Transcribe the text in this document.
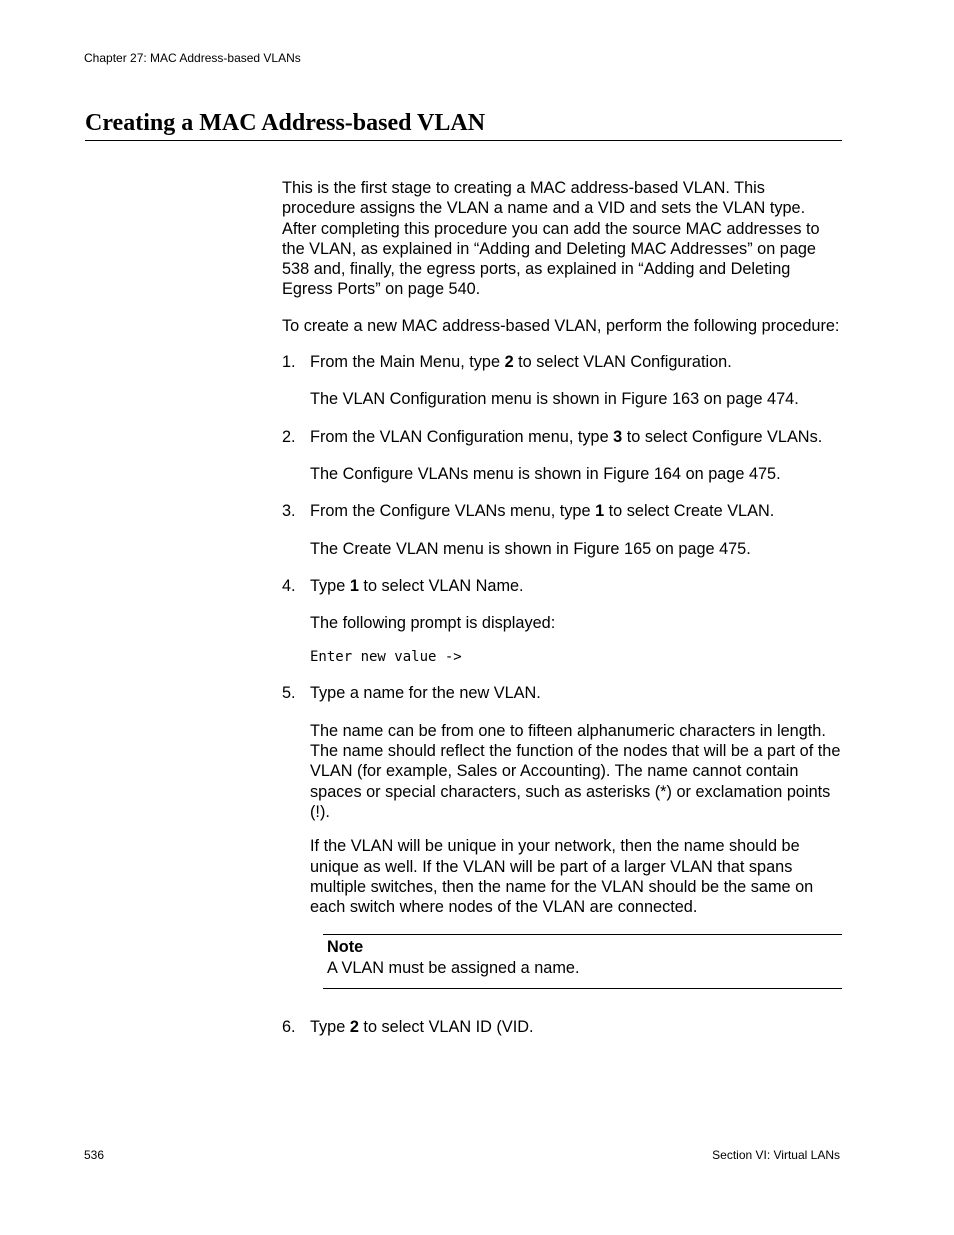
Chapter 27: MAC Address-based VLANs
Creating a MAC Address-based VLAN

This is the first stage to creating a MAC address-based VLAN. This procedure assigns the VLAN a name and a VID and sets the VLAN type. After completing this procedure you can add the source MAC addresses to the VLAN, as explained in “Adding and Deleting MAC Addresses” on page 538 and, finally, the egress ports, as explained in “Adding and Deleting Egress Ports” on page 540.

To create a new MAC address-based VLAN, perform the following procedure:

1. From the Main Menu, type 2 to select VLAN Configuration.
The VLAN Configuration menu is shown in Figure 163 on page 474.
2. From the VLAN Configuration menu, type 3 to select Configure VLANs.
The Configure VLANs menu is shown in Figure 164 on page 475.
3. From the Configure VLANs menu, type 1 to select Create VLAN.
The Create VLAN menu is shown in Figure 165 on page 475.
4. Type 1 to select VLAN Name.
The following prompt is displayed:
Enter new value ->
5. Type a name for the new VLAN.
The name can be from one to fifteen alphanumeric characters in length. The name should reflect the function of the nodes that will be a part of the VLAN (for example, Sales or Accounting). The name cannot contain spaces or special characters, such as asterisks (*) or exclamation points (!).
If the VLAN will be unique in your network, then the name should be unique as well. If the VLAN will be part of a larger VLAN that spans multiple switches, then the name for the VLAN should be the same on each switch where nodes of the VLAN are connected.
Note
A VLAN must be assigned a name.
6. Type 2 to select VLAN ID (VID.
536	Section VI: Virtual LANs
